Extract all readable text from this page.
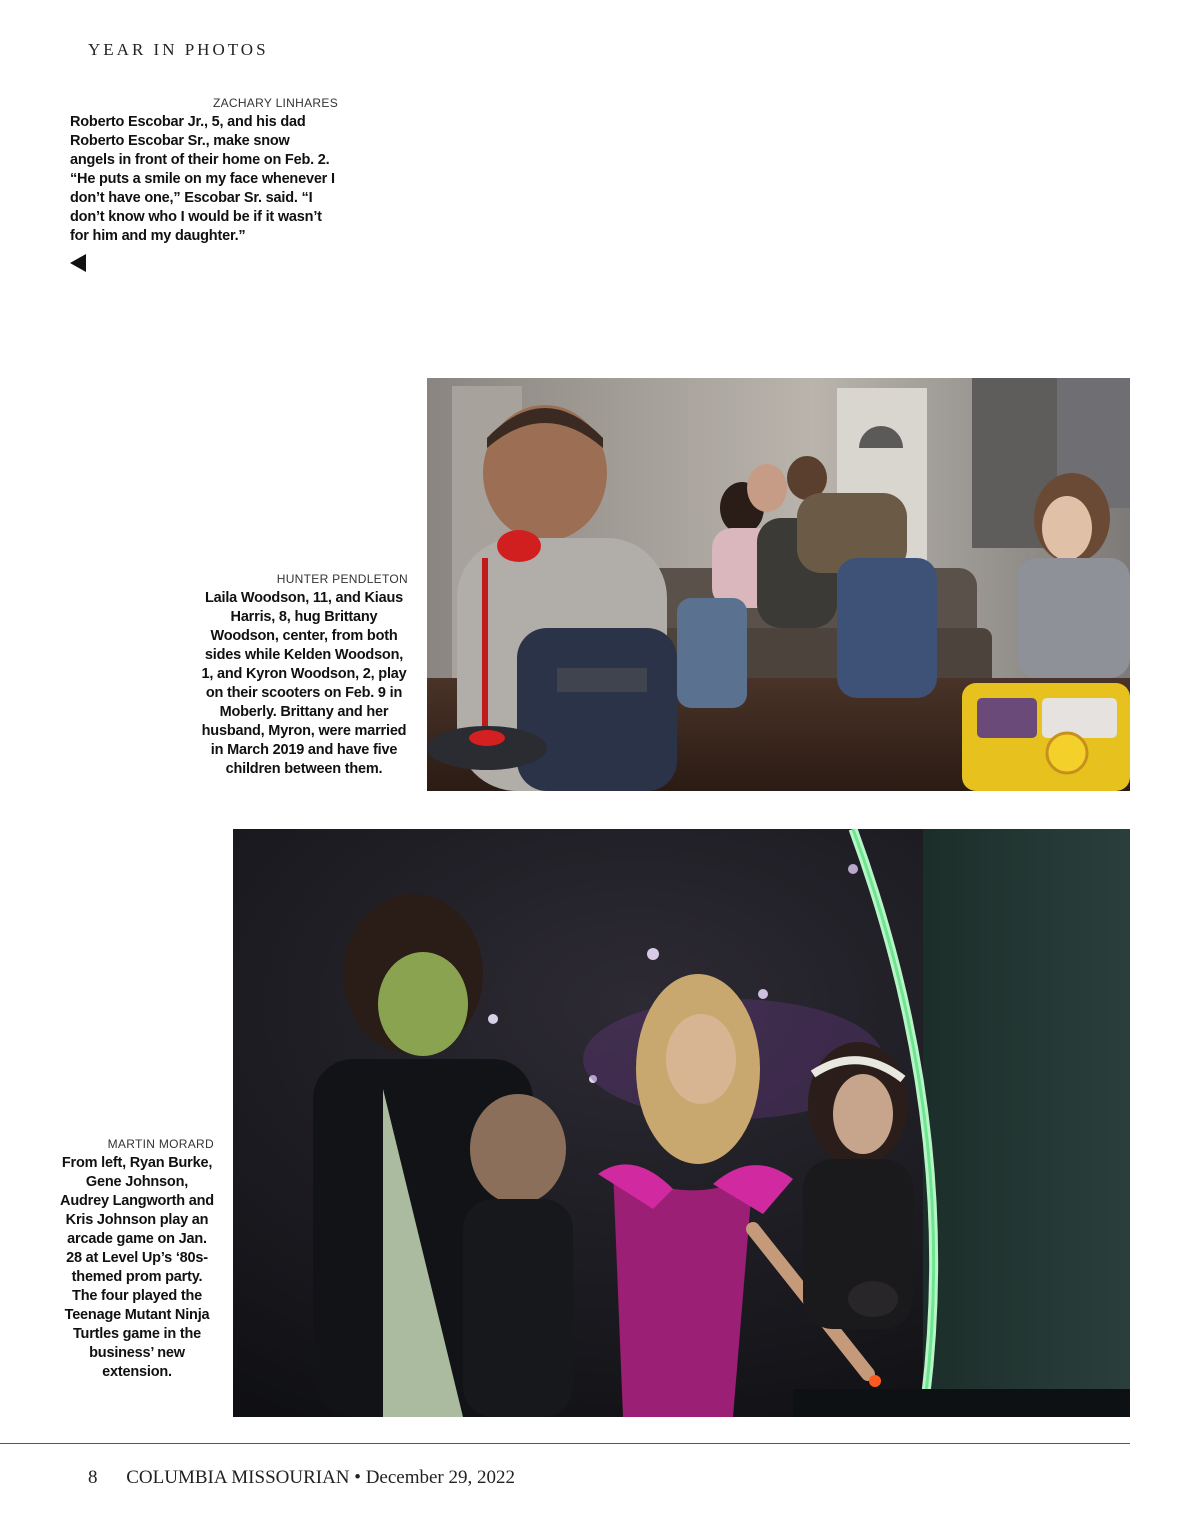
YEAR IN PHOTOS
ZACHARY LINHARES
Roberto Escobar Jr., 5, and his dad Roberto Escobar Sr., make snow angels in front of their home on Feb. 2. “He puts a smile on my face whenever I don’t have one,” Escobar Sr. said. “I don’t know who I would be if it wasn’t for him and my daughter.”
HUNTER PENDLETON
Laila Woodson, 11, and Kiaus Harris, 8, hug Brittany Woodson, center, from both sides while Kelden Woodson, 1, and Kyron Woodson, 2, play on their scooters on Feb. 9 in Moberly. Brittany and her husband, Myron, were married in March 2019 and have five children between them.
MARTIN MORARD
From left, Ryan Burke, Gene Johnson, Audrey Langworth and Kris Johnson play an arcade game on Jan. 28 at Level Up’s ‘80s-themed prom party. The four played the Teenage Mutant Ninja Turtles game in the business’ new extension.
8 COLUMBIA MISSOURIAN • December 29, 2022
